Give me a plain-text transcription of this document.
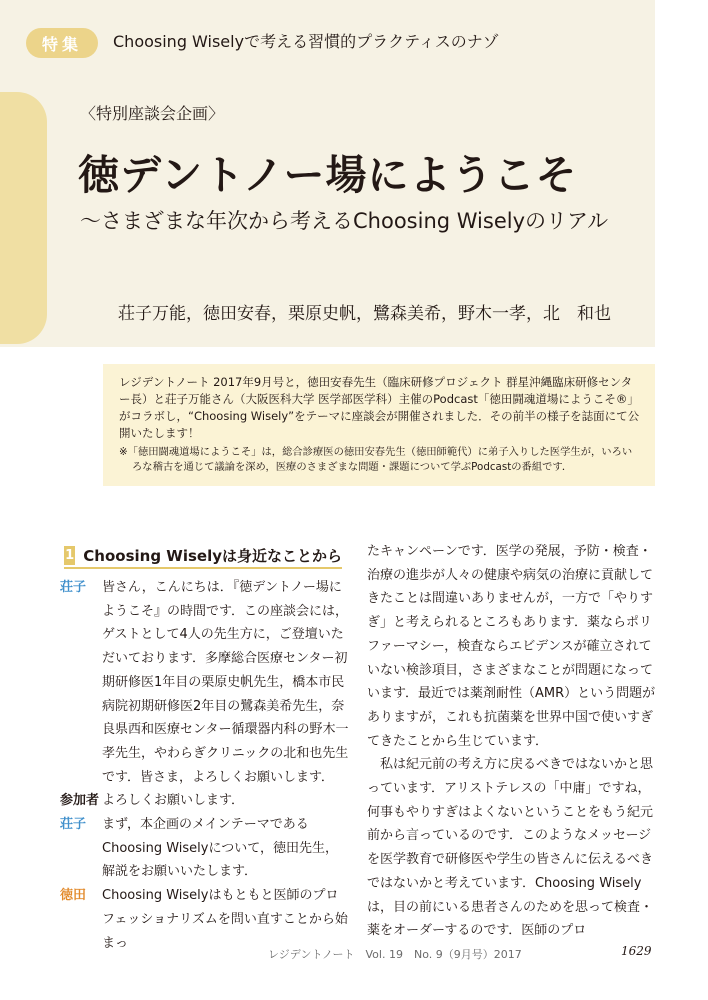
特集	Choosing Wiselyで考える習慣的プラクティスのナゾ
〈特別座談会企画〉
徳デントノー場にようこそ
〜さまざまな年次から考えるChoosing Wiselyのリアル
荘子万能，徳田安春，栗原史帆，鷺森美希，野木一孝，北　和也

レジデントノート 2017年9月号と，徳田安春先生（臨床研修プロジェクト 群星沖縄臨床研修センター長）と荘子万能さん（大阪医科大学 医学部医学科）主催のPodcast「徳田闘魂道場にようこそ®」がコラボし，“Choosing Wisely”をテーマに座談会が開催されました．その前半の様子を誌面にて公開いたします！

※「徳田闘魂道場にようこそ」は，総合診療医の徳田安春先生（徳田師範代）に弟子入りした医学生が，いろいろな稽古を通じて議論を深め，医療のさまざまな問題・課題について学ぶPodcastの番組です．

1 Choosing Wiselyは身近なことから

荘子 皆さん，こんにちは．『徳デントノー場にようこそ』の時間です．この座談会には，ゲストとして4人の先生方に，ご登壇いただいております．多摩総合医療センター初期研修医1年目の栗原史帆先生，橋本市民病院初期研修医2年目の鷺森美希先生，奈良県西和医療センター循環器内科の野木一孝先生，やわらぎクリニックの北和也先生です．皆さま，よろしくお願いします．

参加者 よろしくお願いします．

荘子 まず，本企画のメインテーマであるChoosing Wiselyについて，徳田先生，解説をお願いいたします．

徳田 Choosing Wiselyはもともと医師のプロフェッショナリズムを問い直すことから始まっ

たキャンペーンです．医学の発展，予防・検査・治療の進歩が人々の健康や病気の治療に貢献してきたことは間違いありませんが，一方で「やりすぎ」と考えられるところもあります．薬ならポリファーマシー，検査ならエビデンスが確立されていない検診項目，さまざまなことが問題になっています．最近では薬剤耐性（AMR）という問題がありますが，これも抗菌薬を世界中国で使いすぎてきたことから生じています．

私は紀元前の考え方に戻るべきではないかと思っています．アリストテレスの「中庸」ですね，何事もやりすぎはよくないということをもう紀元前から言っているのです．このようなメッセージを医学教育で研修医や学生の皆さんに伝えるべきではないかと考えています．Choosing Wiselyは，目の前にいる患者さんのためを思って検査・薬をオーダーするのです．医師のプロ

レジデントノート　Vol. 19　No. 9（9月号）2017	1629
